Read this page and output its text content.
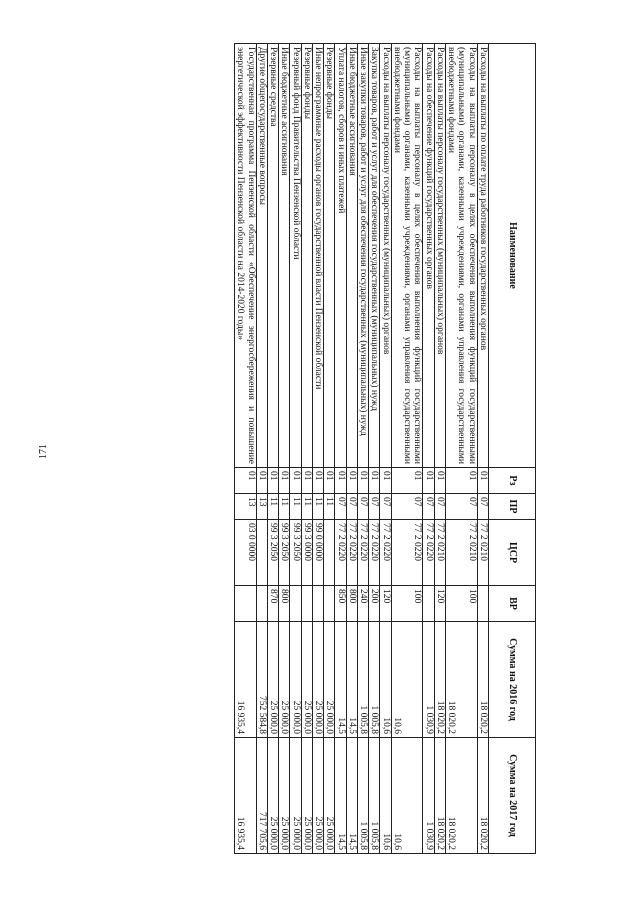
171
Наименование	Рз	ПР	ЦСР	ВР	Сумма на 2016 год	Сумма на 2017 год
Расходы на выплаты по оплате труда работников государственных органов	01	07	77 2 0210		18 020,2	18 020,2
Расходы на выплаты персоналу в целях обеспечения выполнения функций государственными (муниципальными) органами, казенными учреждениями, органами управления государственными внебюджетными фондами	01	07	77 2 0210	100	18 020,2	18 020,2
Расходы на выплаты персоналу государственных (муниципальных) органов	01	07	77 2 0210	120	18 020,2	18 020,2
Расходы на обеспечение функций государственных органов	01	07	77 2 0220		1 030,9	1 030,9
Расходы на выплаты персоналу в целях обеспечения выполнения функций государственными (муниципальными) органами, казенными учреждениями, органами управления государственными внебюджетными фондами	01	07	77 2 0220	100	10,6	10,6
Расходы на выплаты персоналу государственных (муниципальных) органов	01	07	77 2 0220	120	10,6	10,6
Закупка товаров, работ и услуг для обеспечения государственных (муниципальных) нужд	01	07	77 2 0220	200	1 005,8	1 005,8
Иные закупки товаров, работ и услуг для обеспечения государственных (муниципальных) нужд	01	07	77 2 0220	240	1 005,8	1 005,8
Иные бюджетные ассигнования	01	07	77 2 0220	800	14,5	14,5
Уплата налогов, сборов и иных платежей	01	07	77 2 0220	850	14,5	14,5
Резервные фонды	01	11			25 000,0	25 000,0
Иные непрограммные расходы органов государственной власти Пензенской области	01	11	99 0 0000		25 000,0	25 000,0
Резервные фонды	01	11	99 3 0000		25 000,0	25 000,0
Резервный фонд Правительства Пензенской области	01	11	99 3 2050		25 000,0	25 000,0
Иные бюджетные ассигнования	01	11	99 3 2050	800	25 000,0	25 000,0
Резервные средства	01	11	99 3 2050	870	25 000,0	25 000,0
Другие общегосударственные вопросы	01	13			752 584,8	717 705,6
Государственная программа Пензенской области «Обеспечение энергосбережения и повышение энергетической эффективности Пензенской области на 2014-2020 годы»	01	13	03 0 0000		16 935,4	16 935,4
